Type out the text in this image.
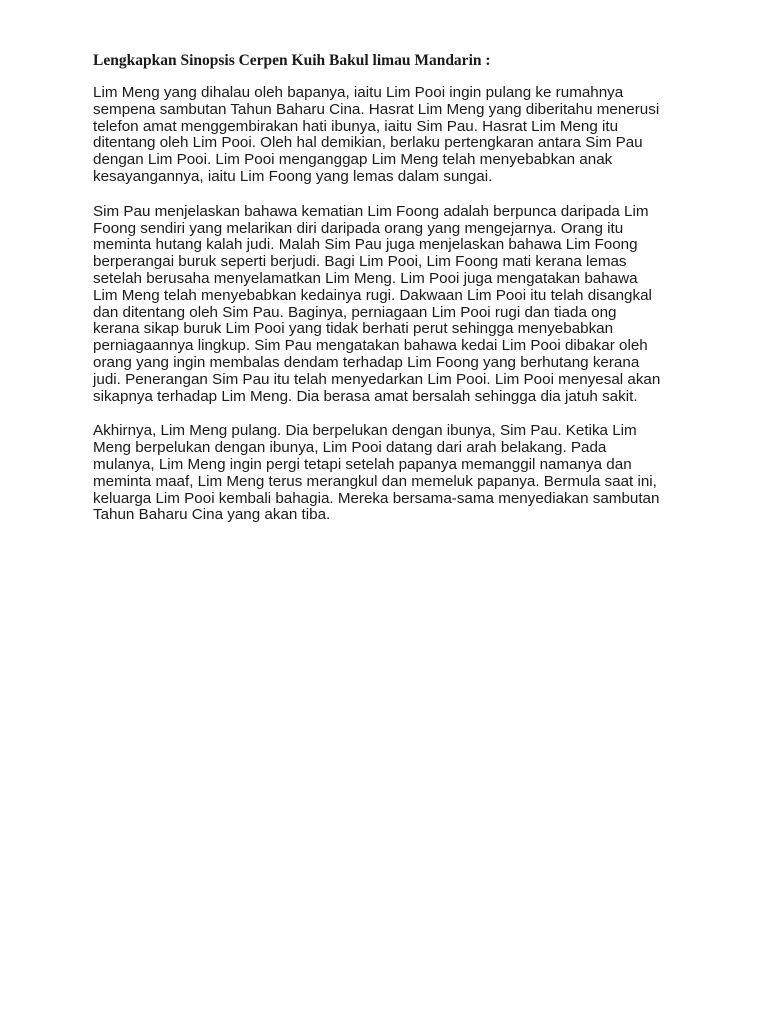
Lengkapkan Sinopsis Cerpen Kuih Bakul limau Mandarin :
Lim Meng yang dihalau oleh bapanya, iaitu Lim Pooi ingin pulang ke rumahnya
sempena sambutan Tahun Baharu Cina. Hasrat Lim Meng yang diberitahu menerusi
telefon amat menggembirakan hati ibunya, iaitu Sim Pau. Hasrat Lim Meng itu
ditentang oleh Lim Pooi. Oleh hal demikian, berlaku pertengkaran antara Sim Pau
dengan Lim Pooi. Lim Pooi menganggap Lim Meng telah menyebabkan anak
kesayangannya, iaitu Lim Foong yang lemas dalam sungai.
Sim Pau menjelaskan bahawa kematian Lim Foong adalah berpunca daripada Lim
Foong sendiri yang melarikan diri daripada orang yang mengejarnya. Orang itu
meminta hutang kalah judi. Malah Sim Pau juga menjelaskan bahawa Lim Foong
berperangai buruk seperti berjudi. Bagi Lim Pooi, Lim Foong mati kerana lemas
setelah berusaha menyelamatkan Lim Meng. Lim Pooi juga mengatakan bahawa
Lim Meng telah menyebabkan kedainya rugi. Dakwaan Lim Pooi itu telah disangkal
dan ditentang oleh Sim Pau. Baginya, perniagaan Lim Pooi rugi dan tiada ong
kerana sikap buruk Lim Pooi yang tidak berhati perut sehingga menyebabkan
perniagaannya lingkup. Sim Pau mengatakan bahawa kedai Lim Pooi dibakar oleh
orang yang ingin membalas dendam terhadap Lim Foong yang berhutang kerana
judi. Penerangan Sim Pau itu telah menyedarkan Lim Pooi. Lim Pooi menyesal akan
sikapnya terhadap Lim Meng. Dia berasa amat bersalah sehingga dia jatuh sakit.
Akhirnya, Lim Meng pulang. Dia berpelukan dengan ibunya, Sim Pau. Ketika Lim
Meng berpelukan dengan ibunya, Lim Pooi datang dari arah belakang. Pada
mulanya, Lim Meng ingin pergi tetapi setelah papanya memanggil namanya dan
meminta maaf, Lim Meng terus merangkul dan memeluk papanya. Bermula saat ini,
keluarga Lim Pooi kembali bahagia. Mereka bersama-sama menyediakan sambutan
Tahun Baharu Cina yang akan tiba.
